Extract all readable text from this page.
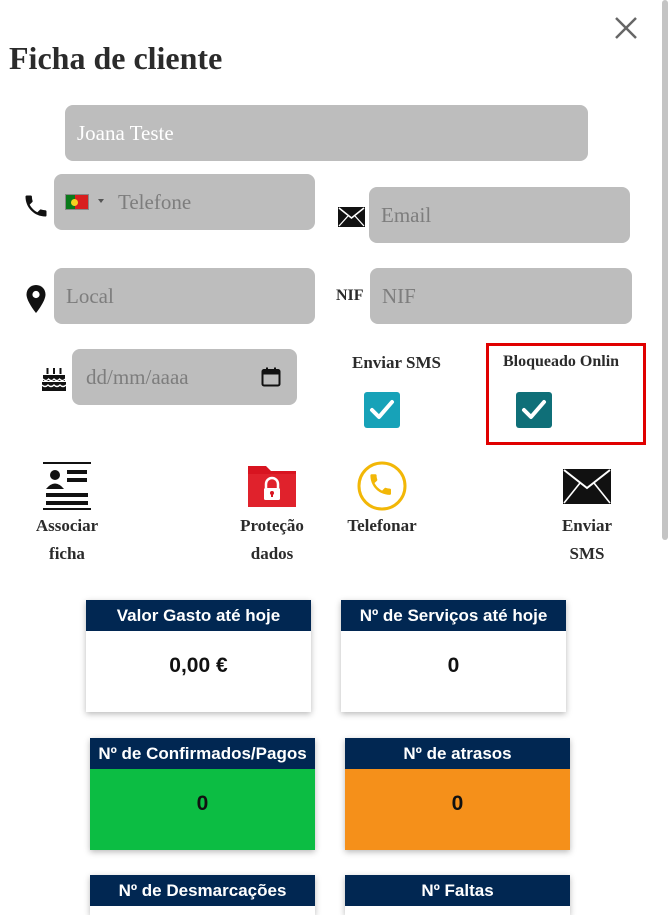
Ficha de cliente
Joana Teste
Telefone
Email
Local
NIF
NIF
dd/mm/aaaa
Enviar SMS	Bloqueado Onlin
Associar
ficha
Proteção
dados
Telefonar	Enviar
SMS
Valor Gasto até hoje
0,00 €
Nº de Serviços até hoje
0
Nº de Confirmados/Pagos
0
Nº de atrasos
0
Nº de Desmarcações	Nº Faltas
